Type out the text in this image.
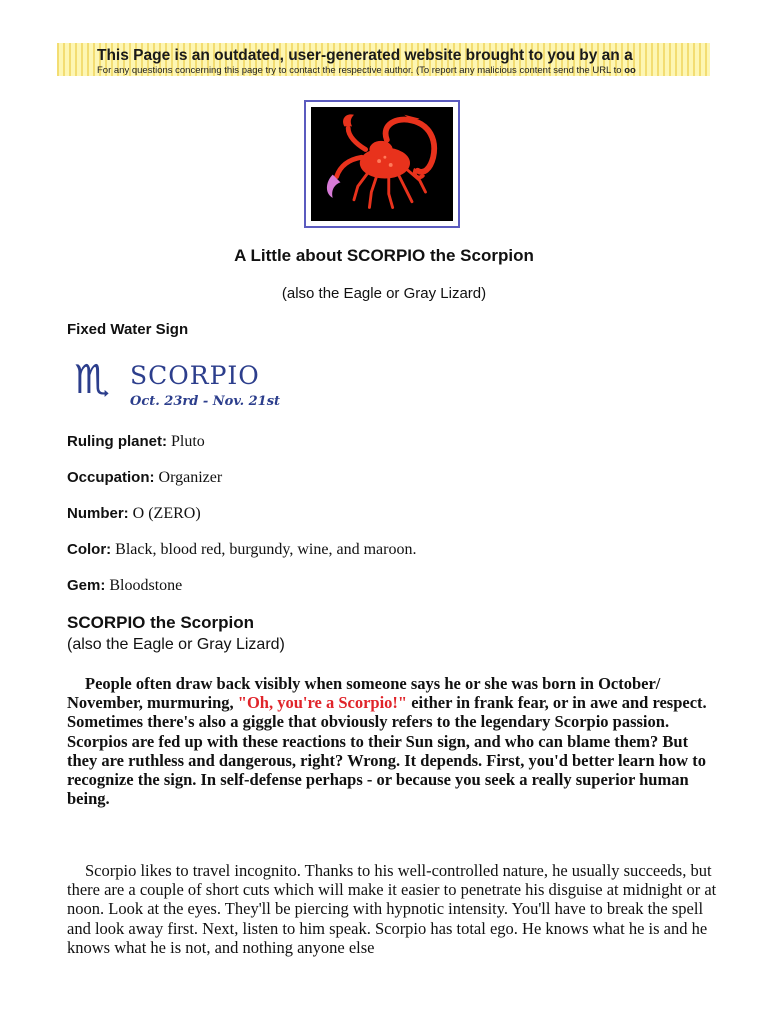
This Page is an outdated, user-generated website brought to you by an a
For any questions concerning this page try to contact the respective author. (To report any malicious content send the URL to oo
A Little about SCORPIO the Scorpion
(also the Eagle or Gray Lizard)
Fixed Water Sign
♏ SCORPIO
Oct. 23rd - Nov. 21st
Ruling planet: Pluto
Occupation: Organizer
Number: O (ZERO)
Color: Black, blood red, burgundy, wine, and maroon.
Gem: Bloodstone
SCORPIO the Scorpion
(also the Eagle or Gray Lizard)

People often draw back visibly when someone says he or she was born in October/ November, murmuring, "Oh, you're a Scorpio!" either in frank fear, or in awe and respect. Sometimes there's also a giggle that obviously refers to the legendary Scorpio passion. Scorpios are fed up with these reactions to their Sun sign, and who can blame them? But they are ruthless and dangerous, right? Wrong. It depends. First, you'd better learn how to recognize the sign. In self-defense perhaps - or because you seek a really superior human being.

Scorpio likes to travel incognito. Thanks to his well-controlled nature, he usually succeeds, but there are a couple of short cuts which will make it easier to penetrate his disguise at midnight or at noon. Look at the eyes. They'll be piercing with hypnotic intensity. You'll have to break the spell and look away first. Next, listen to him speak. Scorpio has total ego. He knows what he is and he knows what he is not, and nothing anyone else
